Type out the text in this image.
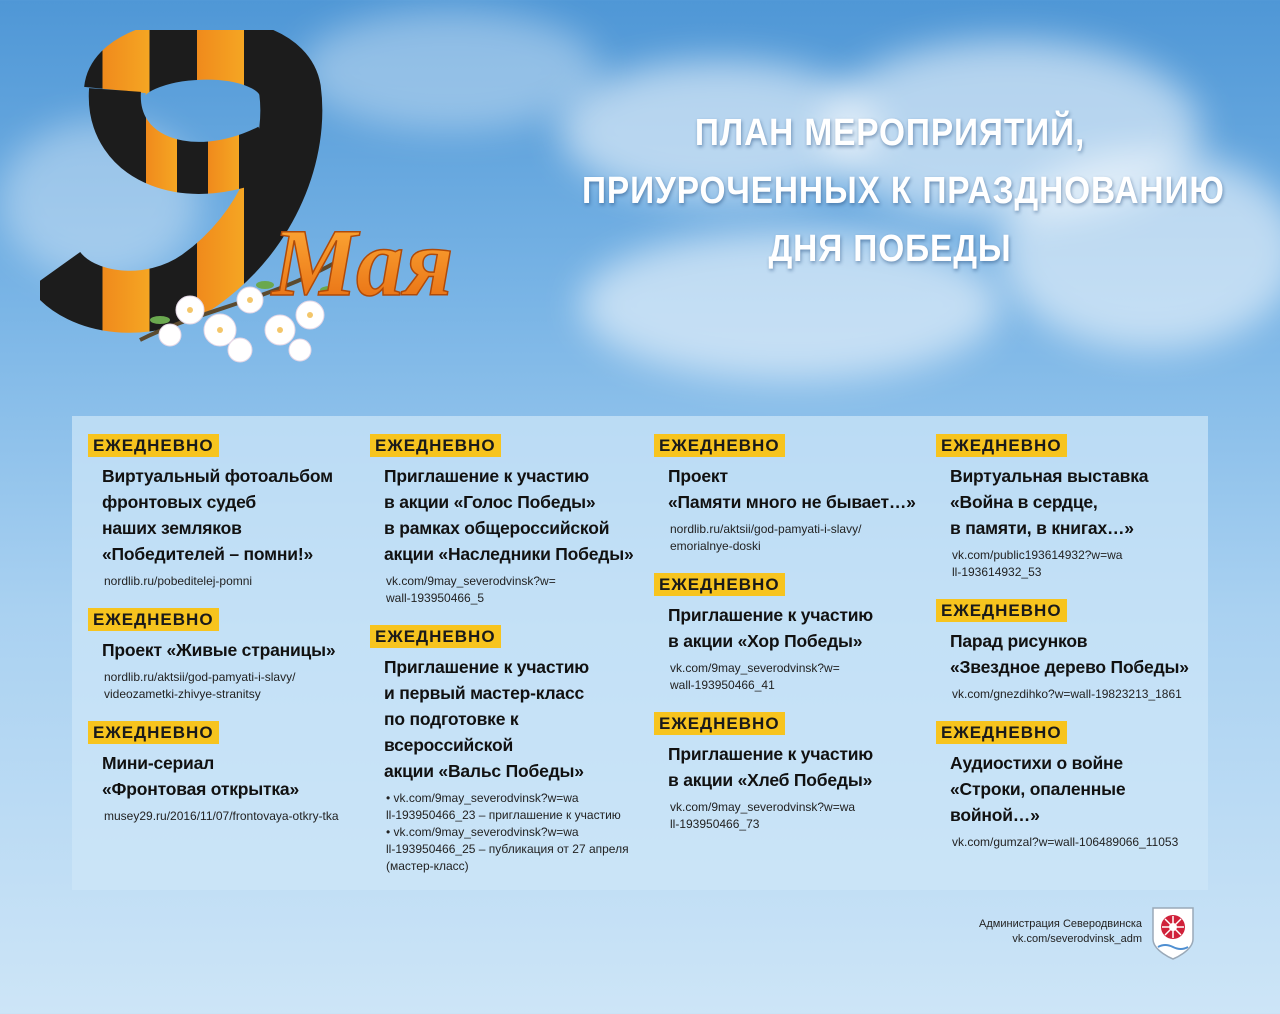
Мая
ПЛАН МЕРОПРИЯТИЙ,
ПРИУРОЧЕННЫХ К ПРАЗДНОВАНИЮ
ДНЯ ПОБЕДЫ
ЕЖЕДНЕВНО
Виртуальный фотоальбом
фронтовых судеб
наших земляков
«Победителей – помни!»
nordlib.ru/pobeditelej-pomni
ЕЖЕДНЕВНО
Проект «Живые страницы»
nordlib.ru/aktsii/god-pamyati-i-slavy/
videozametki-zhivye-stranitsy
ЕЖЕДНЕВНО
Мини-сериал
«Фронтовая открытка»
musey29.ru/2016/11/07/frontovaya-otkry-tka
ЕЖЕДНЕВНО
Приглашение к участию
в акции «Голос Победы»
в рамках общероссийской
акции «Наследники Победы»
vk.com/9may_severodvinsk?w=
wall-193950466_5
ЕЖЕДНЕВНО
Приглашение к участию
и первый мастер-класс
по подготовке к всероссийской
акции «Вальс Победы»
• vk.com/9may_severodvinsk?w=wa
ll-193950466_23 – приглашение к участию
• vk.com/9may_severodvinsk?w=wa
ll-193950466_25 – публикация от 27 апреля
(мастер-класс)
ЕЖЕДНЕВНО
Проект
«Памяти много не бывает…»
nordlib.ru/aktsii/god-pamyati-i-slavy/
emorialnye-doski
ЕЖЕДНЕВНО
Приглашение к участию
в акции «Хор Победы»
vk.com/9may_severodvinsk?w=
wall-193950466_41
ЕЖЕДНЕВНО
Приглашение к участию
в акции «Хлеб Победы»
vk.com/9may_severodvinsk?w=wa
ll-193950466_73
ЕЖЕДНЕВНО
Виртуальная выставка
«Война в сердце,
в памяти, в книгах…»
vk.com/public193614932?w=wa
ll-193614932_53
ЕЖЕДНЕВНО
Парад рисунков
«Звездное дерево Победы»
vk.com/gnezdihko?w=wall-19823213_1861
ЕЖЕДНЕВНО
Аудиостихи о войне
«Строки, опаленные
войной…»
vk.com/gumzal?w=wall-106489066_11053
Администрация Северодвинска
vk.com/severodvinsk_adm
